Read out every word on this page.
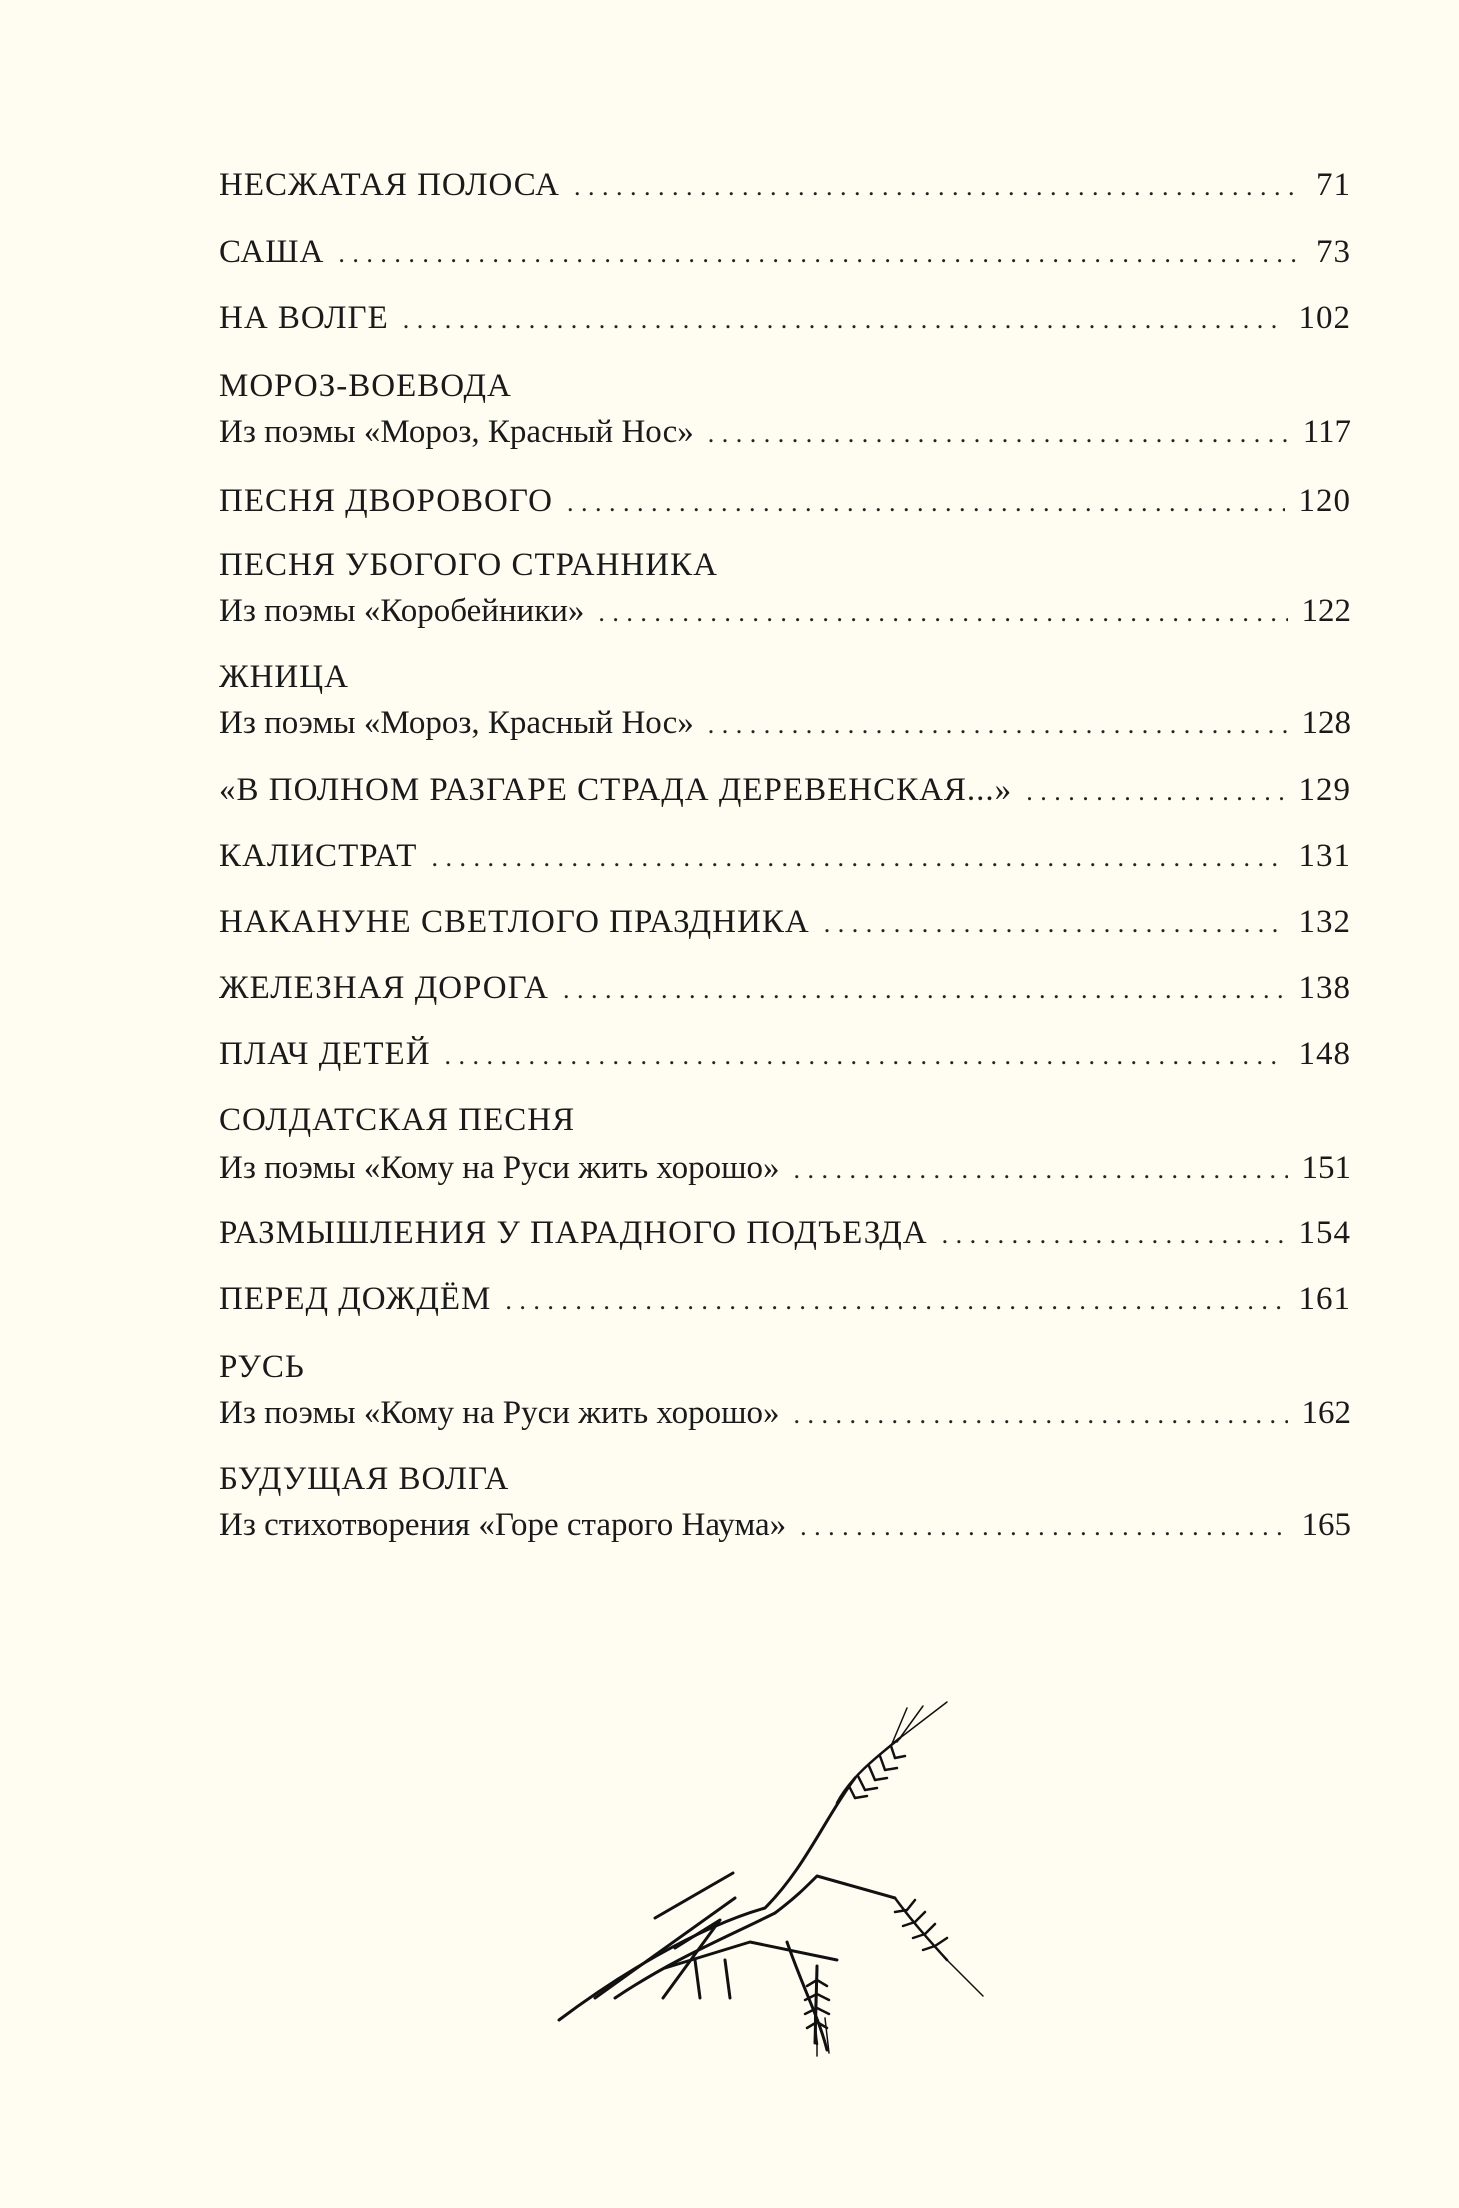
НЕСЖАТАЯ ПОЛОСА . . .	71
САША . . .	73
НА ВОЛГЕ . . .	102
МОРОЗ-ВОЕВОДА
Из поэмы «Мороз, Красный Нос» . . .	117
ПЕСНЯ ДВОРОВОГО . . .	120
ПЕСНЯ УБОГОГО СТРАННИКА
Из поэмы «Коробейники» . . .	122
ЖНИЦА
Из поэмы «Мороз, Красный Нос» . . .	128
«В ПОЛНОМ РАЗГАРЕ СТРАДА ДЕРЕВЕНСКАЯ...» . . .	129
КАЛИСТРАТ . . .	131
НАКАНУНЕ СВЕТЛОГО ПРАЗДНИКА . . .	132
ЖЕЛЕЗНАЯ ДОРОГА . . .	138
ПЛАЧ ДЕТЕЙ . . .	148
СОЛДАТСКАЯ ПЕСНЯ
Из поэмы «Кому на Руси жить хорошо» . . .	151
РАЗМЫШЛЕНИЯ У ПАРАДНОГО ПОДЪЕЗДА . . .	154
ПЕРЕД ДОЖДЁМ . . .	161
РУСЬ
Из поэмы «Кому на Руси жить хорошо» . . .	162
БУДУЩАЯ ВОЛГА
Из стихотворения «Горе старого Наума» . . .	165
